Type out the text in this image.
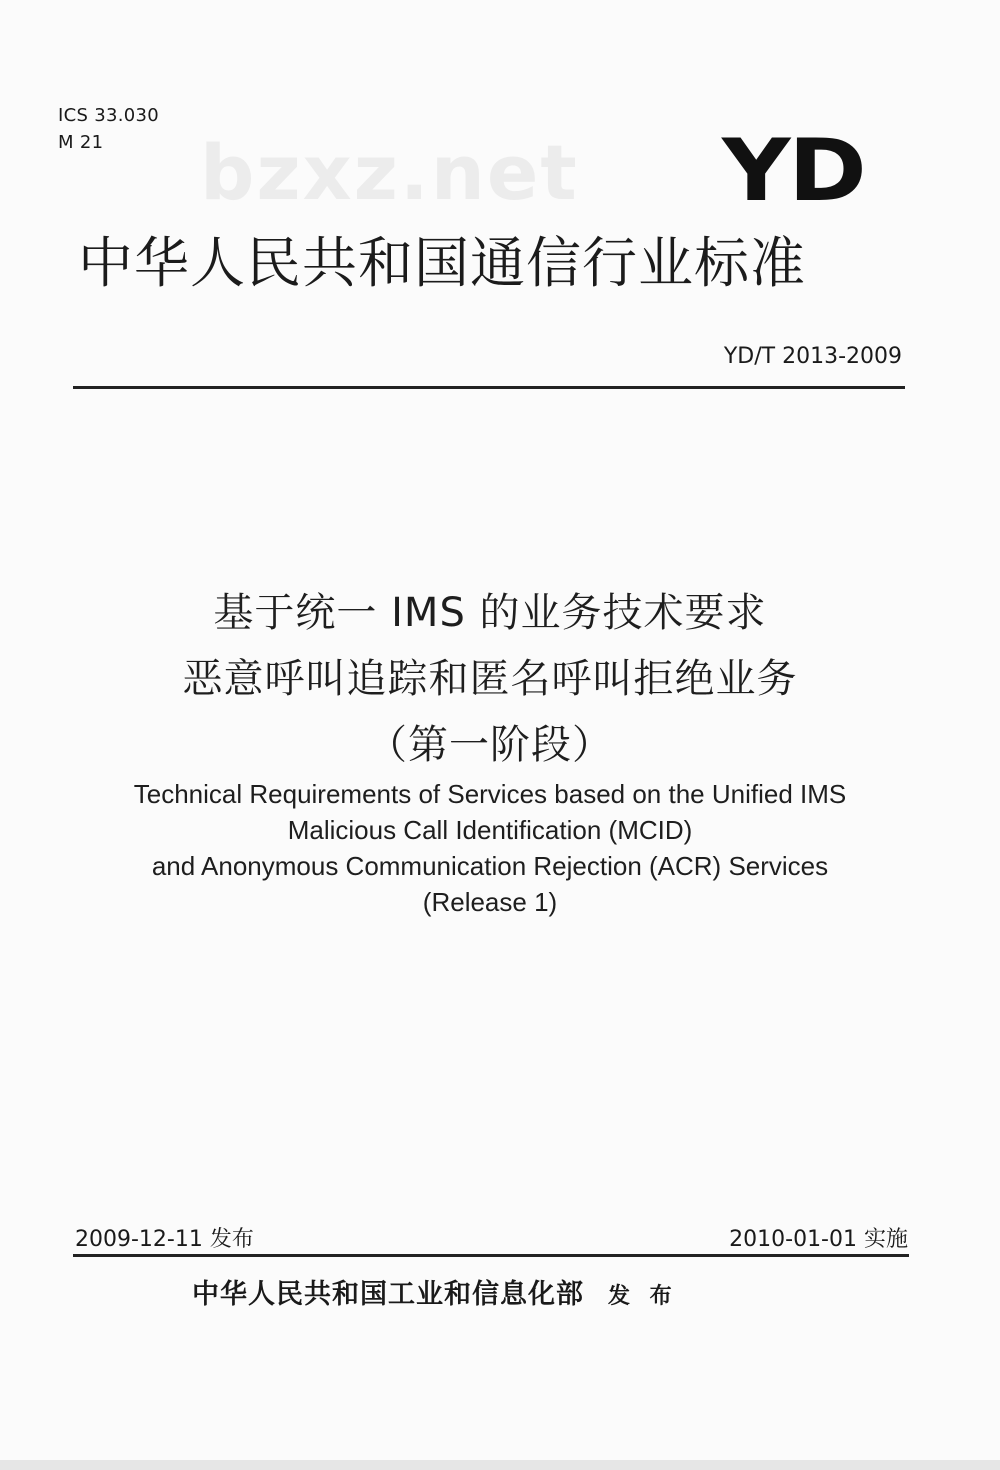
ICS 33.030
M 21	bzxz.net YD
中华人民共和国通信行业标准
YD/T 2013-2009
基于统一 IMS 的业务技术要求
恶意呼叫追踪和匿名呼叫拒绝业务
（第一阶段）
Technical Requirements of Services based on the Unified IMS
Malicious Call Identification (MCID)
and Anonymous Communication Rejection (ACR) Services
(Release 1)
2009-12-11 发布	2010-01-01 实施
中华人民共和国工业和信息化部 发 布
